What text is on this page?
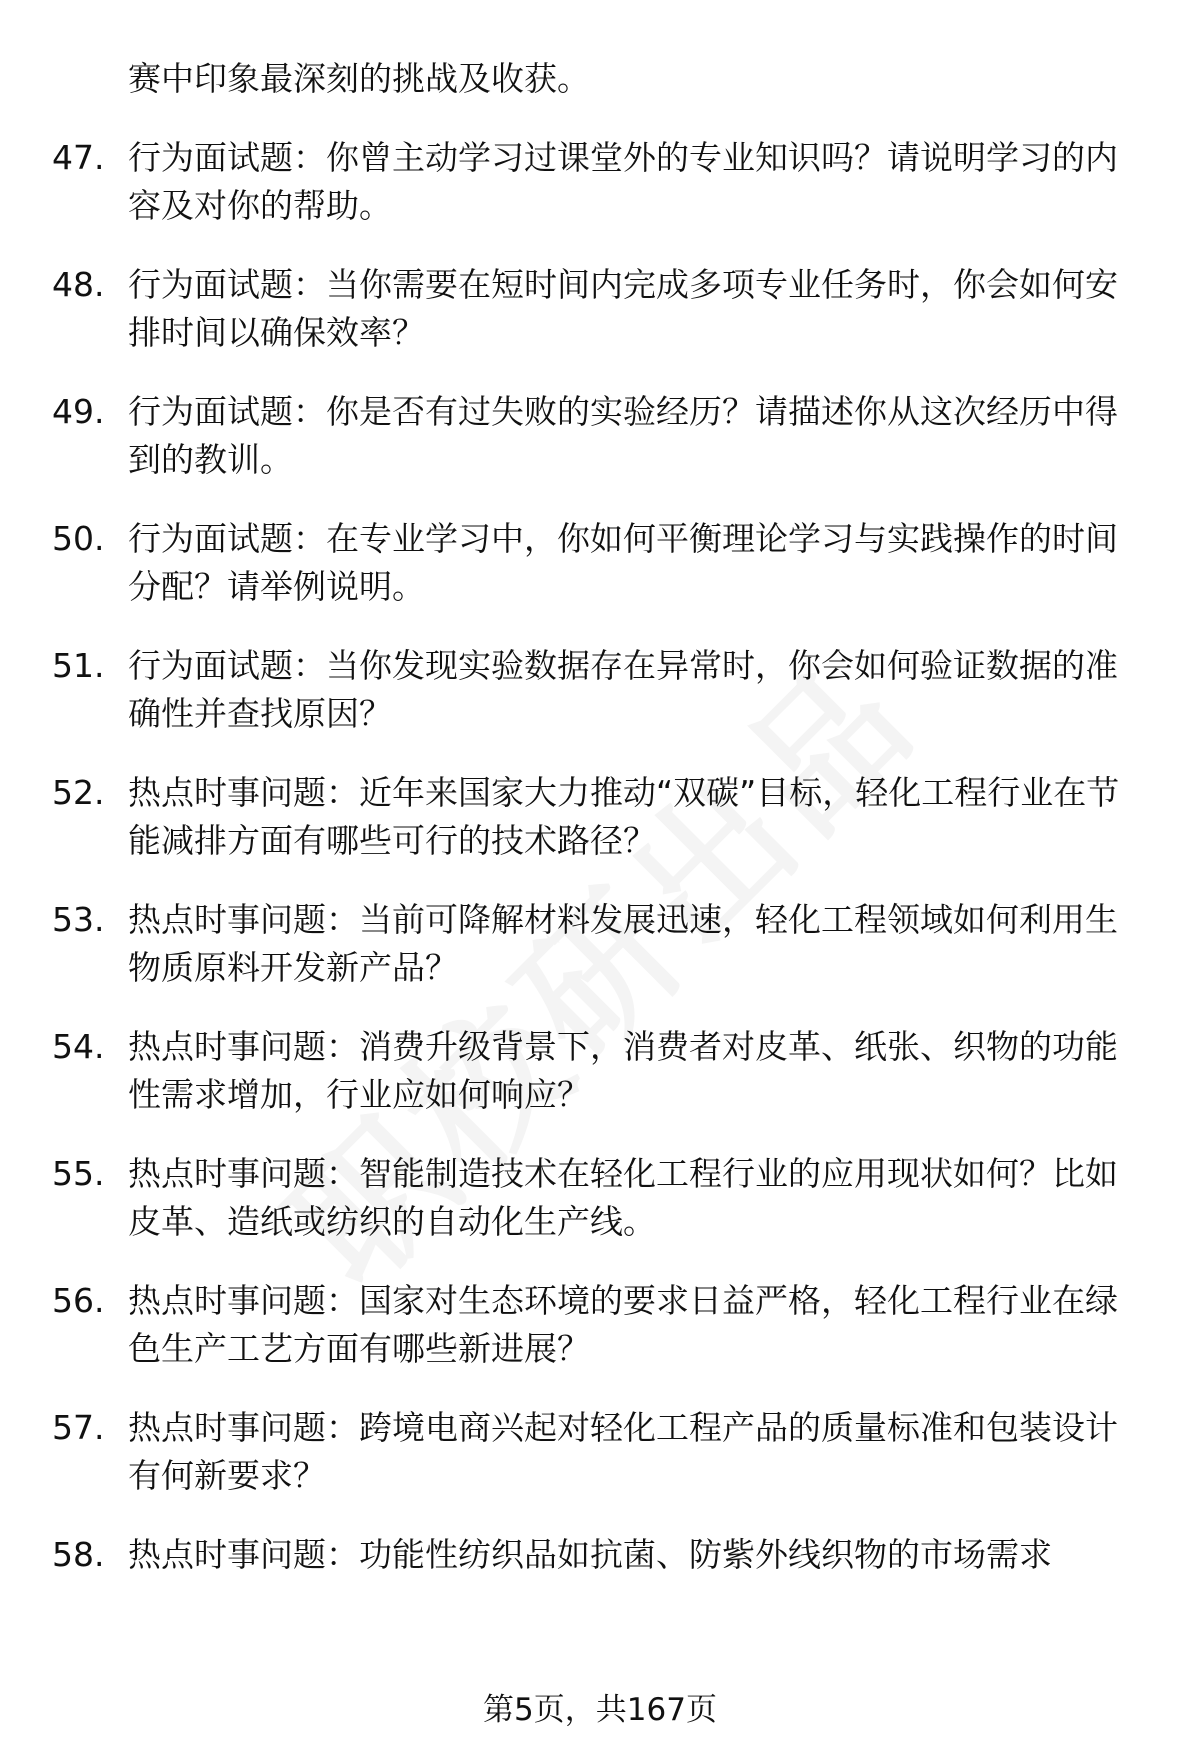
赛中印象最深刻的挑战及收获。
47. 行为面试题：你曾主动学习过课堂外的专业知识吗？请说明学习的内容及对你的帮助。
48. 行为面试题：当你需要在短时间内完成多项专业任务时，你会如何安排时间以确保效率？
49. 行为面试题：你是否有过失败的实验经历？请描述你从这次经历中得到的教训。
50. 行为面试题：在专业学习中，你如何平衡理论学习与实践操作的时间分配？请举例说明。
51. 行为面试题：当你发现实验数据存在异常时，你会如何验证数据的准确性并查找原因？
52. 热点时事问题：近年来国家大力推动“双碳”目标，轻化工程行业在节能减排方面有哪些可行的技术路径？
53. 热点时事问题：当前可降解材料发展迅速，轻化工程领域如何利用生物质原料开发新产品？
54. 热点时事问题：消费升级背景下，消费者对皮革、纸张、织物的功能性需求增加，行业应如何响应？
55. 热点时事问题：智能制造技术在轻化工程行业的应用现状如何？比如皮革、造纸或纺织的自动化生产线。
56. 热点时事问题：国家对生态环境的要求日益严格，轻化工程行业在绿色生产工艺方面有哪些新进展？
57. 热点时事问题：跨境电商兴起对轻化工程产品的质量标准和包装设计有何新要求？
58. 热点时事问题：功能性纺织品如抗菌、防紫外线织物的市场需求
第5页，共167页
